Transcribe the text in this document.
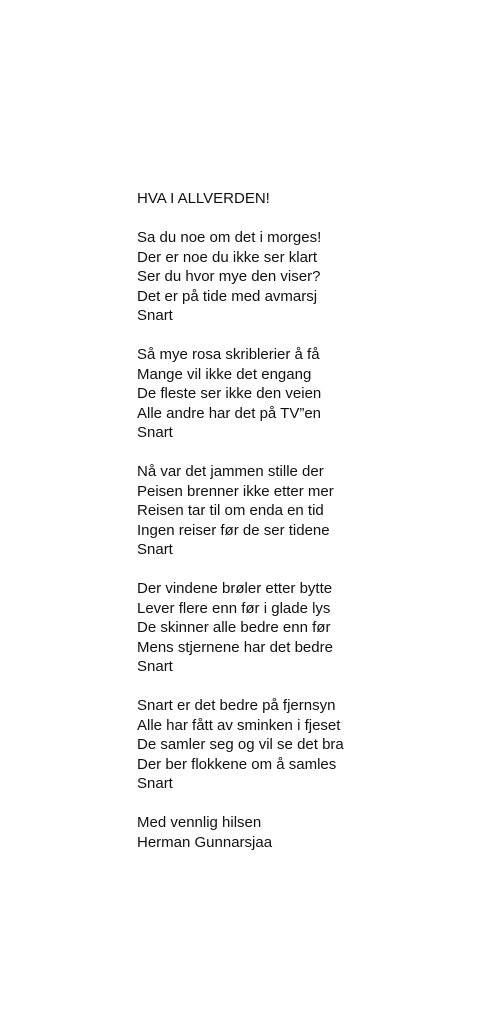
HVA I ALLVERDEN!
Sa du noe om det i morges!
Der er noe du ikke ser klart
Ser du hvor mye den viser?
Det er på tide med avmarsj
Snart
Så mye rosa skriblerier å få
Mange vil ikke det engang
De fleste ser ikke den veien
Alle andre har det på TV”en
Snart
Nå var det jammen stille der
Peisen brenner ikke etter mer
Reisen tar til om enda en tid
Ingen reiser før de ser tidene
Snart
Der vindene brøler etter bytte
Lever flere enn før i glade lys
De skinner alle bedre enn før
Mens stjernene har det bedre
Snart
Snart er det bedre på fjernsyn
Alle har fått av sminken i fjeset
De samler seg og vil se det bra
Der ber flokkene om å samles
Snart
Med vennlig hilsen
Herman Gunnarsjaa
